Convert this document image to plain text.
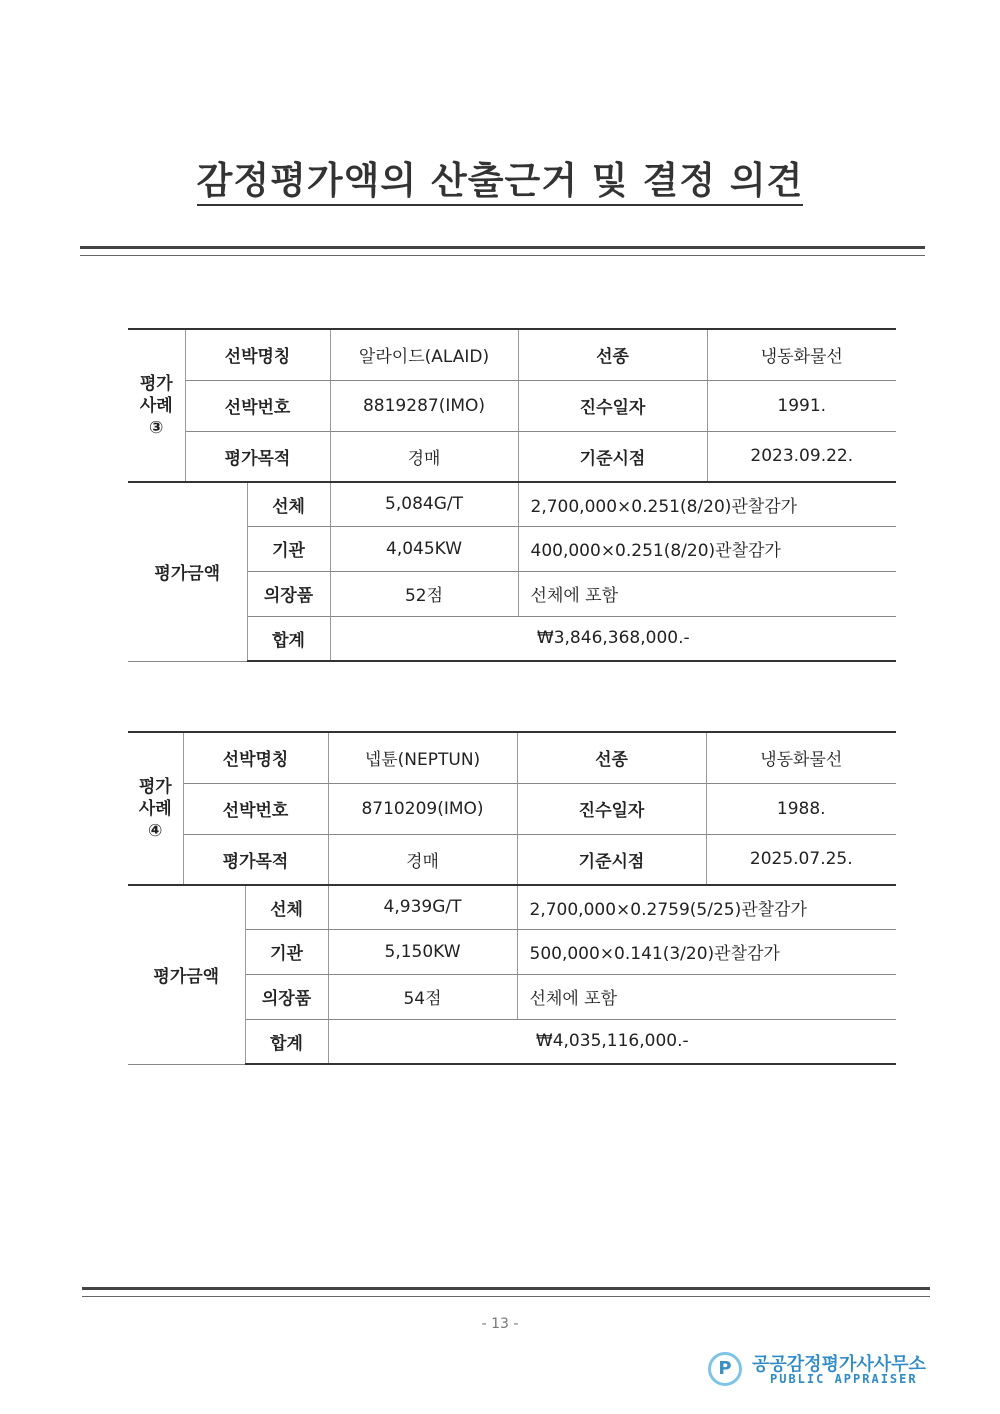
감정평가액의 산출근거 및 결정 의견
평가
사례
③	선박명칭		알라이드(ALAID)	선종	냉동화물선
	선박번호		8819287(IMO)	진수일자	1991.
	평가목적		경매	기준시점	2023.09.22.
평가금액		선체	5,084G/T	2,700,000×0.251(8/20)관찰감가	
		기관	4,045KW	400,000×0.251(8/20)관찰감가	
		의장품	52점	선체에 포함	
		합계	₩3,846,368,000.-		
평가
사례
④	선박명칭		넵튠(NEPTUN)	선종	냉동화물선
	선박번호		8710209(IMO)	진수일자	1988.
	평가목적		경매	기준시점	2025.07.25.
평가금액		선체	4,939G/T	2,700,000×0.2759(5/25)관찰감가	
		기관	5,150KW	500,000×0.141(3/20)관찰감가	
		의장품	54점	선체에 포함	
		합계	₩4,035,116,000.-		
- 13 -
P	공공감정평가사사무소
PUBLIC APPRAISER
